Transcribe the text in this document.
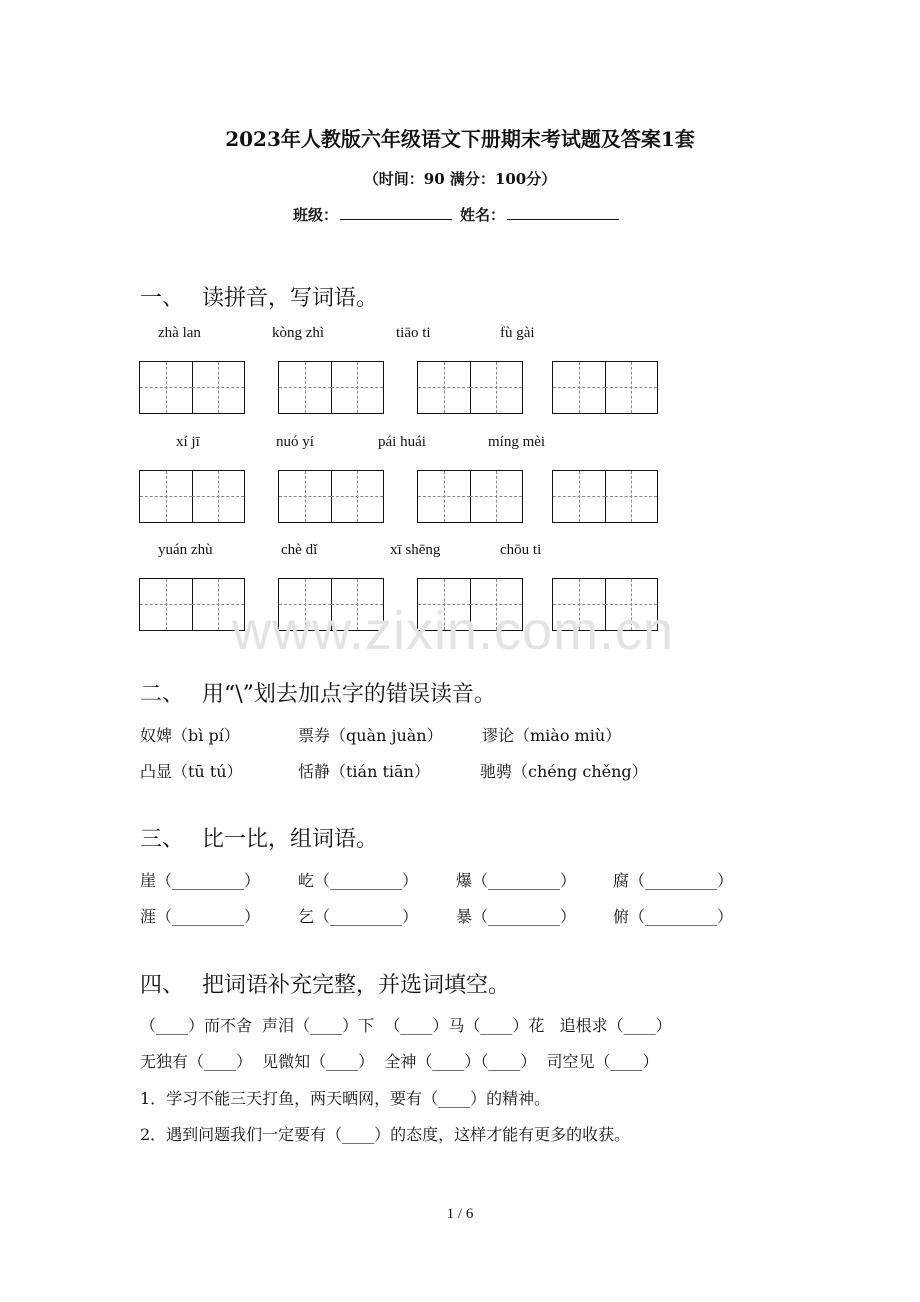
2023年人教版六年级语文下册期末考试题及答案1套
（时间：90 满分：100分）
班级：	姓名：
一、 读拼音，写词语。
zhà lan	kòng zhì	tiāo ti	fù gài
xí jī	nuó yí	pái huái	míng mèi
yuán zhù	chè dǐ	xī shēng	chōu ti
二、 用“\”划去加点字的错误读音。
奴婢（bì pí）	票券（quàn juàn） 谬论（miào miù）
凸显（tū tú）	恬静（tián tiān）	驰骋（chéng chěng）
三、 比一比，组词语。
崖（_________） 屹（_________） 爆（_________） 腐（_________）
涯（_________） 乞（_________） 暴（_________） 俯（_________）
四、 把词语补充完整，并选词填空。
（____）而不舍  声泪（____）下  （____）马（____）花   追根求（____）
无独有（____）  见微知（____）  全神（____）（____）  司空见（____）
1．学习不能三天打鱼，两天晒网，要有（____）的精神。
2．遇到问题我们一定要有（____）的态度，这样才能有更多的收获。
www.zixin.com.cn
1 / 6
